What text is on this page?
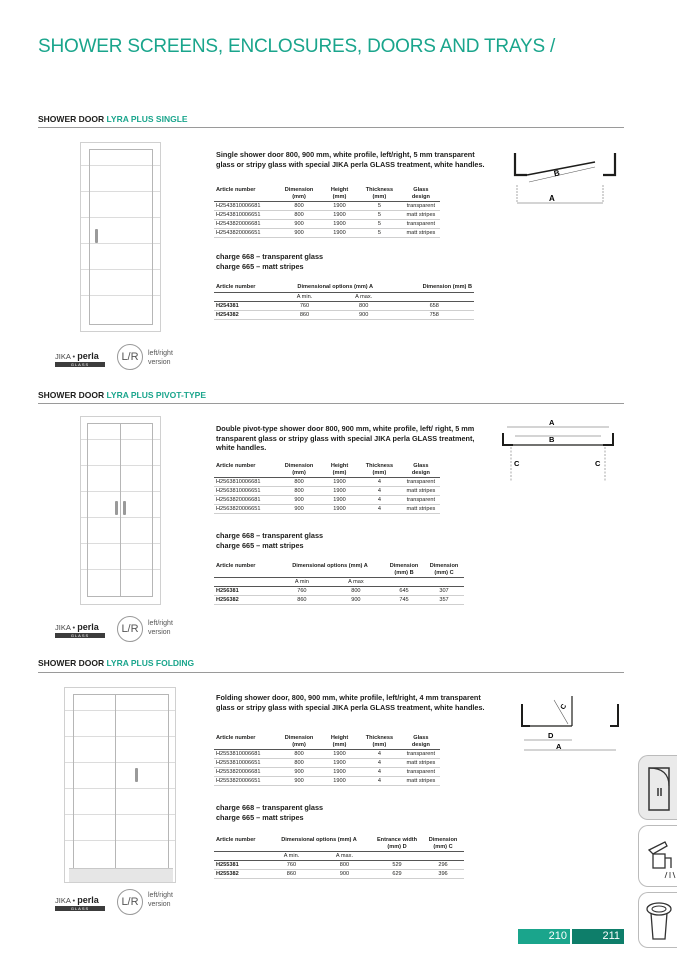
SHOWER SCREENS, ENCLOSURES, DOORS AND TRAYS /
SHOWER DOOR LYRA PLUS SINGLE
Single shower door 800, 900 mm, white profile, left/right, 5 mm transparent glass or stripy glass with special JIKA perla GLASS treatment, white handles.
Article number	Dimension (mm)	Height (mm)	Thickness (mm)	Glass design
H2543810006681	800	1900	5	transparent
H2543810006651	800	1900	5	matt stripes
H2543820006681	900	1900	5	transparent
H2543820006651	900	1900	5	matt stripes
charge 668 – transparent glass
charge 665 – matt stripes
Article number	Dimensional options (mm) A		Dimension (mm) B
	A min.	A max.	
H254381	760	800	658
H254382	860	900	758
B
A
JIKA • perla
GLASS
L/R	left/right
version
SHOWER DOOR LYRA PLUS PIVOT-TYPE
Double pivot-type shower door 800, 900 mm, white profile, left/ right, 5 mm transparent glass or stripy glass with special JIKA perla GLASS treatment, white handles.
Article number	Dimension (mm)	Height (mm)	Thickness (mm)	Glass design
H2563810006681	800	1900	4	transparent
H2563810006651	800	1900	4	matt stripes
H2563820006681	900	1900	4	transparent
H2563820006651	900	1900	4	matt stripes
charge 668 – transparent glass
charge 665 – matt stripes
Article number	Dimensional options (mm) A		Dimension (mm) B	Dimension (mm) C
	A min	A max		
H256381	760	800	645	307
H256382	860	900	745	357
A
B
C	C
JIKA • perla
GLASS
L/R	left/right
version
SHOWER DOOR LYRA PLUS FOLDING
Folding shower door, 800, 900 mm, white profile, left/right, 4 mm transparent glass or stripy glass with special JIKA perla GLASS treatment, white handles.
Article number	Dimension (mm)	Height (mm)	Thickness (mm)	Glass design
H2553810006681	800	1900	4	transparent
H2553810006651	800	1900	4	matt stripes
H2553820006681	900	1900	4	transparent
H2553820006651	900	1900	4	matt stripes
charge 668 – transparent glass
charge 665 – matt stripes
Article number	Dimensional options (mm) A		Entrance width (mm) D	Dimension (mm) C
	A min.	A max.		
H255381	760	800	529	296
H255382	860	900	629	396
C
D
A
JIKA • perla
GLASS
L/R
left/right
version
210	211
